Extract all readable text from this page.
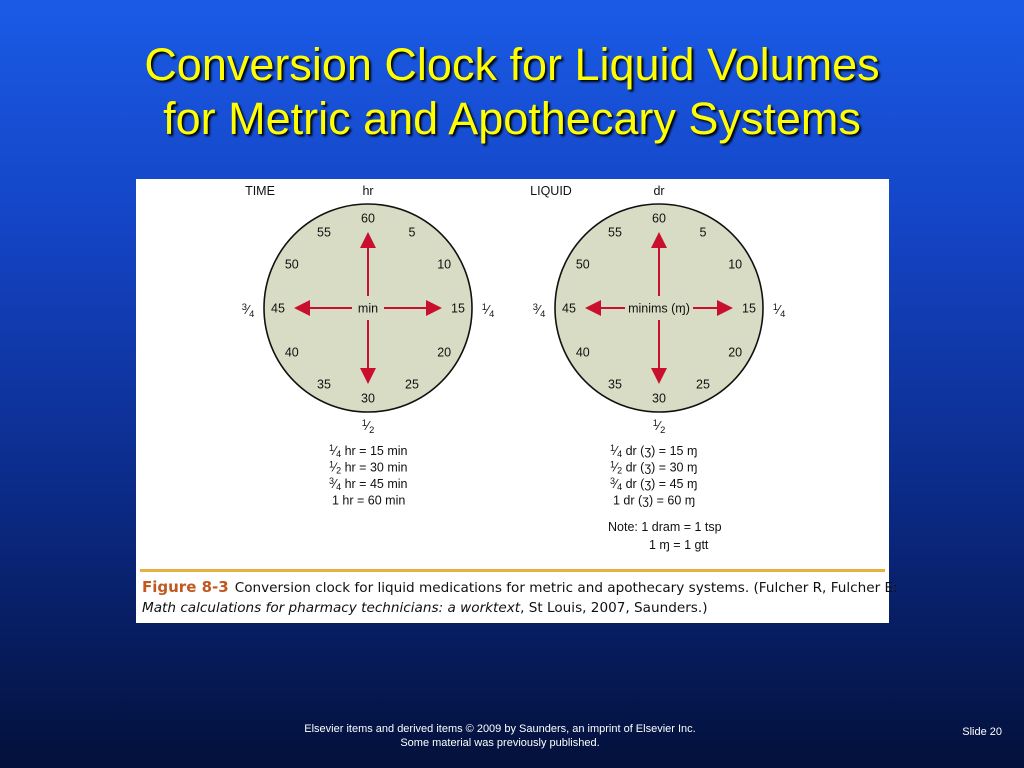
Conversion Clock for Liquid Volumes
for Metric and Apothecary Systems
TIME	hr
60
5
10
15
20
25
30
35
40
45
50
55
min	$^1⁄_4$
$^3⁄_4$
$^1⁄_2$
$^1$⁄4 hr = 15 min
$^1$⁄2 hr = 30 min
$^3$⁄4 hr = 45 min
1 hr = 60 min
LIQUID	dr
60
5
10
15
20
25
30
35
40
45
50
55
minims (ɱ)	$^1⁄_4$
$^3⁄_4$
$^1⁄_2$
$^1$⁄4 dr (ʒ) = 15 ɱ
$^1$⁄2 dr (ʒ) = 30 ɱ
$^3$⁄4 dr (ʒ) = 45 ɱ
1 dr (ʒ) = 60 ɱ
Note: 1 dram = 1 tsp
1 ɱ = 1 gtt
Figure 8-3 Conversion clock for liquid medications for metric and apothecary systems. (Fulcher R, Fulcher E:
Math calculations for pharmacy technicians: a worktext, St Louis, 2007, Saunders.)
Elsevier items and derived items © 2009 by Saunders, an imprint of Elsevier Inc.
Some material was previously published.
Slide 20
